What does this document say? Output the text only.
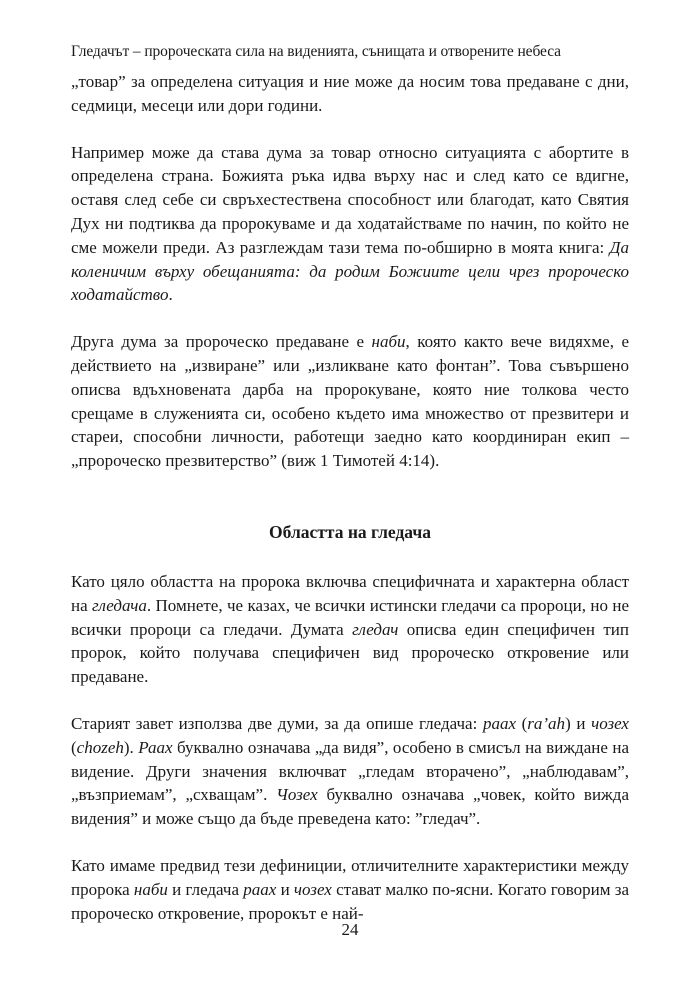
Гледачът – пророческата сила на виденията, сънищата и отворените небеса

„товар” за определена ситуация и ние може да носим това предаване с дни, седмици, месеци или дори години.

Например може да става дума за товар относно ситуацията с абортите в определена страна. Божията ръка идва върху нас и след като се вдигне, оставя след себе си свръхестествена способност или благодат, като Святия Дух ни подтиква да пророкуваме и да ходатайстваме по начин, по който не сме можели преди. Аз разглеждам тази тема по-обширно в моята книга: Да коленичим върху обещанията: да родим Божиите цели чрез пророческо ходатайство.

Друга дума за пророческо предаване е наби, която както вече видяхме, е действието на „извиране” или „изликване като фонтан”. Това съвършено описва вдъхновената дарба на пророкуване, която ние толкова често срещаме в служенията си, особено където има множество от презвитери и стареи, способни личности, работещи заедно като координиран екип – „пророческо презвитерство” (виж 1 Тимотей 4:14).

Областта на гледача

Като цяло областта на пророка включва специфичната и характерна област на гледача. Помнете, че казах, че всички истински гледачи са пророци, но не всички пророци са гледачи. Думата гледач описва един специфичен тип пророк, който получава специфичен вид пророческо откровение или предаване.

Старият завет използва две думи, за да опише гледача: раах (ra’ah) и чозех (chozeh). Раах буквално означава „да видя”, особено в смисъл на виждане на видение. Други значения включват „гледам вторачено”, „наблюдавам”, „възприемам”, „схващам”. Чозех буквално означава „човек, който вижда видения” и може също да бъде преведена като: ”гледач”.

Като имаме предвид тези дефиниции, отличителните характеристики между пророка наби и гледача раах и чозех стават малко по-ясни. Когато говорим за пророческо откровение, пророкът е най-

24
